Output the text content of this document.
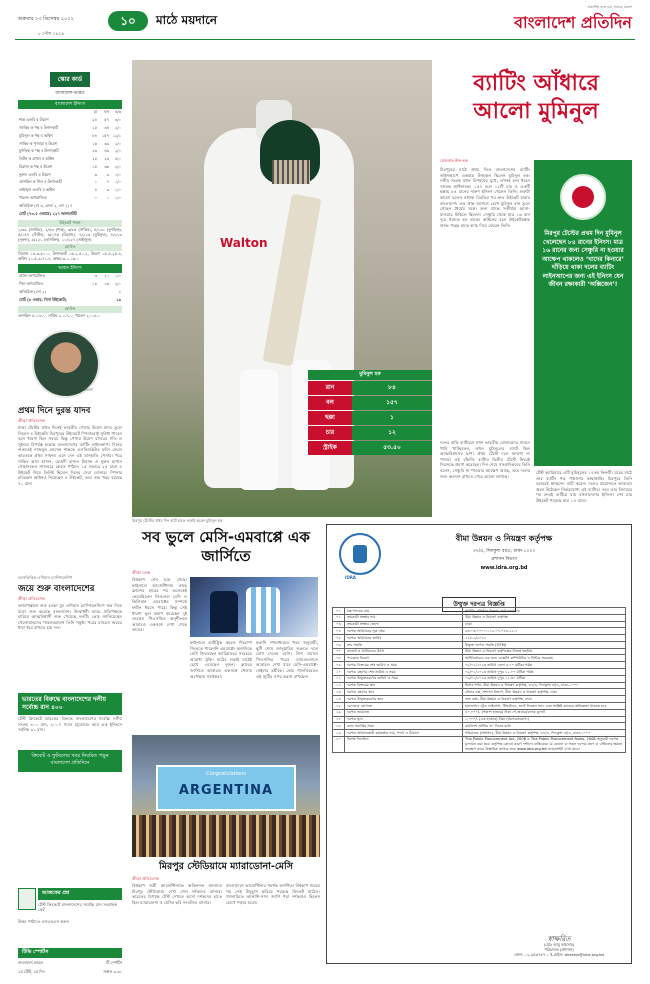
শুক্রবার ২৩ ডিসেম্বর ২০২২	১০	মাঠে ময়দানে
প্রকাশিত হতে চায় সত্যের প্রকাশ
বাংলাদেশ প্রতিদিন
৮ পৌষ ১৪২৯
স্কোর কার্ড
বাংলাদেশ-ভারত
বাংলাদেশ ইনিংস
	রা	বল	৪/৬
শান্ত এলবি ব উমেশ	২৪	৫৭	৩/০
জাকির ক পন্থ ব উনাদকাট	১৫	৩৪	২/০
মুমিনুল ক পন্থ ব অশ্বিন	৮৪	১৫৭	১২/১
সাকিব ক পুজারা ব উমেশ	১৬	৩৯	২/০
মুশফিক ক পন্থ ব উনাদকাট	২৬	৪৬	২/০
লিটন ক রাহুল ব অশ্বিন	২৫	২৬	৪/০
মিরাজ ক পন্থ ব উমেশ	১৫	৩৬	২/০
নুরুল এলবি ব উমেশ	৬	৯	০/০
তাসকিন ক গিল ব উনাদকাট	১	৭	০/০
তাইজুল এলবি ব অশ্বিন	৪	৩	১/০
খালেদ অপরাজিত	০	১	০/০
অতিরিক্ত (বা ৩, লেবা ২, নো ২) ৭			
মোট (৭৩.৫ ওভারে) ২২৭ অলআউট			
উইকেট পতন
১/৩৯ (জাকির), ২/৪৩ (শান্ত), ৩/৮৫ (সাকিব), ৪/১৩১ (মুশফিক), ৫/১৫৭ (লিটন), ৬/১৭৬ (মিরাজ), ৭/২১৩ (মুমিনুল), ৮/২১৩ (নুরুল), ৯/২২১ (তাসকিন), ১০/২২৭ (তাইজুল)
বোলিং
সিরাজ ১৫-৩-৫০-০, উনাদকাট ১৬-২-৫০-২, উমেশ ১৫-৪-২৫-৪, অশ্বিন ২১.৫-৩-৭১-৪, অক্ষর ৬-১-১৬-০
ভারত ইনিংস
রাহুল অপরাজিত	৩	২০	০/০
গিল অপরাজিত	১৪	১৬	২/০
অতিরিক্ত (নো ২)	২		
মোট (৮ ওভার, বিনা উইকেটে)	১৯		
বোলিং
তাসকিন ৪-০-৮-০, সাকিব ২-০-৭-০, খালেদ ২-০-৪-০
উমেশ
প্রথম দিনে দুরন্ত যাদব
ক্রীড়া প্রতিবেদক
ঢাকা টেস্টের প্রথম দিনেই ভারতীয় পেসার উমেশ যাদব তুলে নিলেন ৪ উইকেট। মিরপুরের উইকেটে স্পিনাররাই সুবিধা পাবেন বলে ধারণা ছিল সবার। কিন্তু পেসার উমেশ যাদবের গতি ও সুইংয়ে বিপর্যস্ত হয়েছে বাংলাদেশের ব্যাটিং লাইনআপ। দিনের শুরুতেই নাজমুল হোসেন শান্তকে এলবিডব্লিউর ফাঁদে ফেলে ভারতকে প্রথম সাফল্য এনে দেন এই ডানহাতি পেসার। পরে সাকিব আল হাসান, মেহেদী হাসান মিরাজ ও নুরুল হাসান সোহানকেও সাজঘরে ফেরত পাঠান। ১৫ ওভারে ২৫ রানে ৪ উইকেট নিয়ে তিনিই ছিলেন দিনের সেরা বোলার। স্পিনার রবিচন্দ্রন অশ্বিনও নিয়েছেন ৪ উইকেট, তবে তার খরচ হয়েছে ৭১ রান।
বয়সভিত্তিক এশিয়ান চ্যাম্পিয়নশিপ
জয়ে শুরু বাংলাদেশের
ক্রীড়া প্রতিবেদক
কাজাখস্তানে শুরু হওয়া যুব এশিয়ান চ্যাম্পিয়নশিপে জয় দিয়ে যাত্রা শুরু করেছে বাংলাদেশ। উদ্বোধনী ম্যাচে প্রতিপক্ষকে হারিয়ে আত্মবিশ্বাসী শুরু পেয়েছে দলটি। কোচ জানিয়েছেন খেলোয়াড়দের পারফরম্যান্সে তিনি সন্তুষ্ট। পরের ম্যাচেও জয়ের ধারা ধরে রাখতে চায় দল।
ভারতের বিরুদ্ধে বাংলাদেশের দলীয় সর্বোচ্চ রান ৪০০
টেস্ট ক্রিকেটে ভারতের বিরুদ্ধে বাংলাদেশের সর্বোচ্চ দলীয় সংগ্রহ ৪০০ রান, ২০০৭ সালে চট্টগ্রামে। আর এক ইনিংসে সর্বনিম্ন ৯১ রান।
ক্রিকেট ও ফুটবলের খবর নিয়মিত পড়ুন বাংলাদেশ প্রতিদিনে
আজকের প্রশ্ন
টেস্ট ক্রিকেটে বাংলাদেশের সর্বোচ্চ রান সংগ্রাহক কে?
উত্তর পাঠাতে এসএমএস করুন
টিভি স্পোর্টস
বাংলাদেশ-ভারত	টি স্পোর্টস
২য় টেস্ট, ২য় দিন	সকাল ৯.৩০
Walton
মুমিনুল হক
রান	৮৪
বল	১৫৭
ছক্কা	১
চার	১২
স্ট্রাইক	৫৩.৫০
মিরপুর টেস্টের প্রথম দিন ব্যাট হাতে লড়াই করেন মুমিনুল হক
ব্যাটিং আঁধারে
আলো মুমিনুল
মেজবাহ-উল-হক
মিরপুরের মাঠে প্রথম দিনে বাংলাদেশের ব্যাটিং লাইনআপে একমাত্র উজ্জ্বল ছিলেন মুমিনুল হক। দলীয় সংগ্রহ যখন বিপর্যয়ের মুখে, তখনই হাল ধরেন সাবেক অধিনায়ক। ১৫৭ বলে ১২টি চার ও একটি ছক্কায় ৮৪ রানের দারুণ ইনিংস খেলেন তিনি। শুরুটা ভালো হলেও মধ্যাহ্ন বিরতির পর দ্রুত উইকেট হারায় বাংলাদেশ। এক প্রান্ত আগলে রেখে মুমিনুল রান তুলে গেছেন ধৈর্যের সঙ্গে। অন্য প্রান্তে সতীর্থরা আসা-যাওয়ার মিছিলে ছিলেন। সেঞ্চুরি থেকে মাত্র ১৬ রান দূরে থামতে হয় তাকে। অশ্বিনের বলে উইকেটরক্ষক ঋষভ পন্থের হাতে ক্যাচ দিয়ে ফেরেন তিনি।
মিরপুর টেস্টের প্রথম দিন মুমিনুল খেলেছেন ৮৪ রানের ইনিংস। মাত্র ১৬ রানের জন্য সেঞ্চুরি না হওয়ার আক্ষেপ থাকলেও ‘খাদের কিনারে’ দাঁড়িয়ে থাকা দলের ব্যাটিং লাইনআপের জন্য এই ইনিংস যেন জীবন রক্ষাকারী ‘অক্সিজেন’!
দলের বাকি ব্যাটাররা যখন ভারতীয় বোলারদের সামনে খাবি খাচ্ছিলেন, তখন মুমিনুলের ব্যাটে ছিল আত্মবিশ্বাসের ছাপ। প্রথম টেস্টে দলে জায়গা না পাওয়া এই বাঁহাতি ব্যাটার দ্বিতীয় টেস্টে ফিরেই নিজেকে প্রমাণ করেছেন। দিন শেষে সাংবাদিকদের তিনি বলেন, সেঞ্চুরি না পাওয়ার আক্ষেপ আছে, তবে দলের জন্য অবদান রাখতে পেরে ভালো লাগছে।
টেস্ট ক্যারিয়ারে এটি মুমিনুলের ১৭তম ফিফটি। ঘরের মাঠে তার ব্যাটিং গড় পঞ্চাশের কাছাকাছি। মিরপুরে তিনি বরাবরই স্বাচ্ছন্দ্যে ব্যাট করেন। দলের প্রয়োজনে আবারও জ্বলে উঠেছেন নির্ভরযোগ্য এই ব্যাটার। তবে তার বিদায়ের পর দ্রুতই গুটিয়ে যায় বাংলাদেশের ইনিংস। শেষ চার উইকেট পড়েছে মাত্র ১৪ রানে।
সব ভুলে মেসি-এমবাপ্পে এক জার্সিতে
ক্রীড়া ডেস্ক
বিশ্বকাপ শেষ হয়ে গেছে। ফাইনালে আর্জেন্টিনার কাছে ফ্রান্সের হারের পর অনেকেই ভেবেছিলেন লিওনেল মেসি ও কিলিয়ান এমবাপ্পের সম্পর্কে ফাটল ধরতে পারে। কিন্তু সেই ধারণা ভুল প্রমাণ করেছেন দুই তারকা। পিএসজির অনুশীলনে আবারও একসঙ্গে দেখা গেছে তাদের।
ফাইনালে হ্যাটট্রিক করেও শিরোপা জিততে পারেননি এমবাপ্পে। অন্যদিকে মেসি জিতেছেন ক্যারিয়ারের সবচেয়ে আরাধ্য ট্রফি। মাঠের লড়াই মাঠেই রেখে এসেছেন দুজন। ক্লাবের জার্সিতে আবারও একসঙ্গে খেলার অপেক্ষায় সমর্থকরা।
ফরাসি গণমাধ্যমের খবর অনুযায়ী, ছুটি শেষে জানুয়ারির শুরুতে দলে যোগ দেবেন মেসি। লিগ ওয়ানে পিএসজির পরের ম্যাচগুলোতে আবারও দেখা যাবে মেসি-এমবাপ্পে-নেইমার ত্রয়ীকে। কোচ গালতিয়েরও এই জুটির ওপর ভরসা রাখছেন।
Congratulations
ARGENTINA
মিরপুর স্টেডিয়ামে ম্যারাডোনা-মেসি
ক্রীড়া প্রতিবেদক
বিশ্বকাপ জয়ী আর্জেন্টিনাকে অভিনন্দন জানাতে মিরপুর স্টেডিয়ামে দেখা গেল দর্শকদের ব্যানার। ভারতের বিপক্ষে টেস্ট দেখতে আসা দর্শকদের হাতে ছিল ম্যারাডোনা ও মেসির ছবি সংবলিত ব্যানার।
বাংলাদেশে আর্জেন্টিনার সমর্থক অগণিত। বিশ্বকাপ জয়ের পর সেই উচ্ছ্বাস ছড়িয়ে পড়েছে ক্রিকেট মাঠেও। গ্যালারিতে আকাশি-সাদা জার্সি পরা দর্শকরাও ছিলেন চোখে পড়ার মতো।
IDRA
বীমা উন্নয়ন ও নিয়ন্ত্রণ কর্তৃপক্ষ
৩৭/এ, দিলকুশা বা/এ, ঢাকা-১০০০
প্রশাসন বিভাগ
www.idra.org.bd
উন্মুক্ত দরপত্র বিজ্ঞপ্তি
০১	মন্ত্রণালয়ের নাম	আর্থিক প্রতিষ্ঠান বিভাগ, অর্থ মন্ত্রণালয়
০২	ক্রয়কারী সংস্থার নাম	বীমা উন্নয়ন ও নিয়ন্ত্রণ কর্তৃপক্ষ
০৩	ক্রয়কারী সংস্থার জেলা	ঢাকা
০৪	দরপত্র আহ্বানের সূত্র নম্বর	৫৩.০৩.০০০০.১১২.০৭.০৪৪.২২-৭
০৫	দরপত্র আহ্বানের তারিখ	২২/১২/২০২২
০৬	ক্রয় পদ্ধতি	উন্মুক্ত দরপত্র পদ্ধতি (OTM)
০৭	বাজেট ও অর্থায়নের উৎস	বীমা উন্নয়ন ও নিয়ন্ত্রণ কর্তৃপক্ষের নিজস্ব তহবিল
০৮	প্যাকেজ বিবরণ	আইডিআরএ-এর জন্য ডেস্কটপ কম্পিউটার ও প্রিন্টার সরবরাহ
০৯	দরপত্র বিক্রয়ের শেষ তারিখ ও সময়	০৮/০১/২০২৩ তারিখ বেলা ৪.০০ ঘটিকা পর্যন্ত
১০	দরপত্র গ্রহণের শেষ তারিখ ও সময়	০৯/০১/২০২৩ তারিখ দুপুর ১২.০০ ঘটিকা পর্যন্ত
১১	দরপত্র উন্মুক্তকরণের তারিখ ও সময়	০৯/০১/২০২৩ তারিখ দুপুর ১২.৩০ ঘটিকা
১২	দরপত্র বিক্রয়ের স্থান	হিসাব শাখা, বীমা উন্নয়ন ও নিয়ন্ত্রণ কর্তৃপক্ষ, ৩৭/এ, দিলকুশা বা/এ, ঢাকা-১০০০
১৩	দরপত্র গ্রহণের স্থান	টেন্ডার বক্স, প্রশাসন বিভাগ, বীমা উন্নয়ন ও নিয়ন্ত্রণ কর্তৃপক্ষ, ঢাকা
১৪	দরপত্র উন্মুক্তকরণের স্থান	সভা কক্ষ, বীমা উন্নয়ন ও নিয়ন্ত্রণ কর্তৃপক্ষ, ঢাকা
১৫	দরদাতার যোগ্যতা	হালনাগাদ ট্রেড লাইসেন্স, টিআইএন, ভ্যাট নিবন্ধন সনদ এবং সংশ্লিষ্ট কাজের অভিজ্ঞতা থাকতে হবে
১৬	দরপত্র জামানত	৫০,০০০/- (পঞ্চাশ হাজার) টাকা পে-অর্ডার/ব্যাংক ড্রাফট
১৭	দরপত্র মূল্য	১,০০০/- (এক হাজার) টাকা (অফেরতযোগ্য)
১৮	কাজ সমাপ্তির সময়	কার্যাদেশ প্রাপ্তির ৩০ দিনের মধ্যে
১৯	দরপত্র আহ্বানকারী কর্মকর্তার নাম, পদবি ও ঠিকানা	পরিচালক (প্রশাসন), বীমা উন্নয়ন ও নিয়ন্ত্রণ কর্তৃপক্ষ, ৩৭/এ, দিলকুশা বা/এ, ঢাকা-১০০০
২০	বিশেষ নির্দেশনা	The Public Procurement Act, 2006 ও The Public Procurement Rules, 2008 অনুযায়ী দরপত্র মূল্যায়ন করা হবে। কর্তৃপক্ষ কোনো কারণ দর্শানো ব্যতিরেকে যে কোনো বা সকল দরপত্র গ্রহণ বা বাতিলের ক্ষমতা সংরক্ষণ করে। বিস্তারিত তথ্যের জন্য www.idra.org.bd ওয়েবসাইট দেখা যাবে।
স্বাক্ষরিত
(মোঃ আবু কায়সার)
পরিচালক (প্রশাসন)
ফোন: ০২-৯৫৬৭৫৭০, ই-মেইল: director@idra.org.bd
